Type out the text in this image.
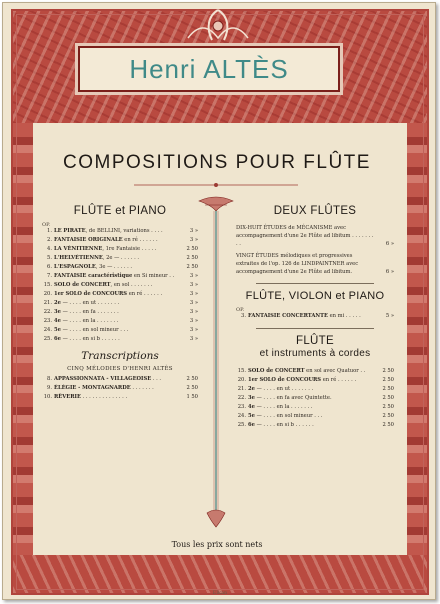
Henri ALTÈS
COMPOSITIONS POUR FLÛTE
FLÛTE et PIANO
OP.
1. LE PIRATE, de BELLINI, variations . . . .	3 »
2. FANTAISIE ORIGINALE en ré . . . . . .	3 »
4. LA VÉNITIENNE, 1re Fantaisie . . . . .	2 50
5. L'HELVÉTIENNE, 2e — . . . . . .	2 50
6. L'ESPAGNOLE, 3e — . . . . . .	2 50
7. FANTAISIE caractéristique en Si mineur . .	3 »
15. SOLO de CONCERT, en sol . . . . . . .	3 »
20. 1er SOLO de CONCOURS en ré . . . . . .	3 »
21. 2e — . . . . en ut . . . . . . .	3 »
22. 3e — . . . . en fa . . . . . . .	3 »
23. 4e — . . . . en la . . . . . . .	3 »
24. 5e — . . . . en sol mineur . . .	3 »
25. 6e — . . . . en si b . . . . . .	3 »
Transcriptions
CINQ MÉLODIES D'HENRI ALTÈS
8. APPASSIONNATA - VILLAGEOISE . . .	2 50
9. ÉLÉGIE - MONTAGNARDE . . . . . . .	2 50
10. RÊVERIE . . . . . . . . . . . . . .	1 50
DEUX FLÛTES
DIX-HUIT ÉTUDES de MÉCANISME avec accompagnement d'une 2e Flûte ad libitum . . . . . . . . .	6 »
VINGT ÉTUDES mélodiques et progressives extraites de l'op. 126 de LINDPAINTNER avec accompagnement d'une 2e Flûte ad libitum.	6 »
FLÛTE, VIOLON et PIANO
OP.
3. FANTAISIE CONCERTANTE en mi . . . . .	5 »
FLÛTE
et instruments à cordes
15. SOLO de CONCERT en sol avec Quatuor . .	2 50
20. 1er SOLO de CONCOURS en ré . . . . . .	2 50
21. 2e — . . . . en ut . . . . . . .	2 50
22. 3e — . . . . en fa avec Quintette.	2 50
23. 4e — . . . . en la . . . . . . .	2 50
24. 5e — . . . . en sol mineur . . .	2 50
25. 6e — . . . . en si b . . . . . .	2 50
Tous les prix sont nets
Elkan
